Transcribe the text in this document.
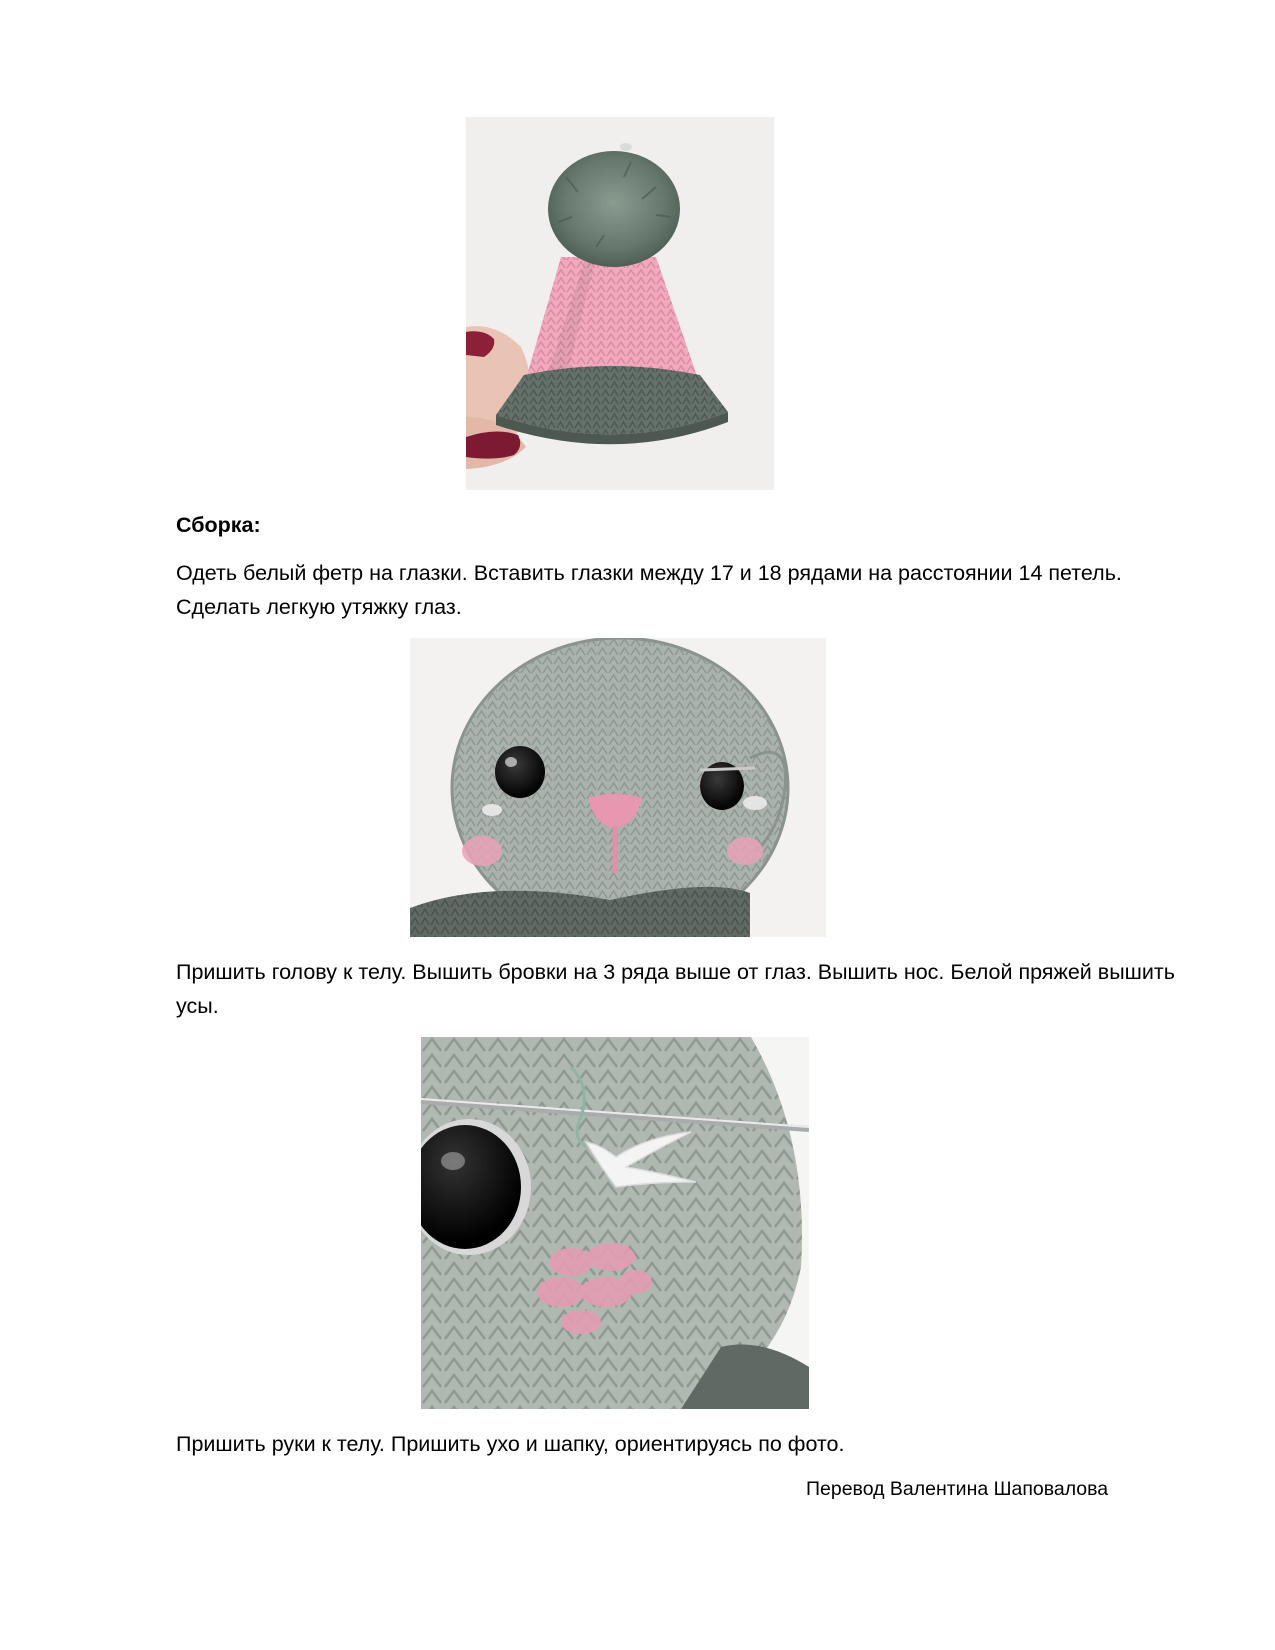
Сборка:
Одеть белый фетр на глазки. Вставить глазки между 17 и 18 рядами на расстоянии 14 петель. Сделать легкую утяжку глаз.
Пришить голову к телу. Вышить бровки на 3 ряда выше от глаз. Вышить нос. Белой пряжей вышить усы.
Пришить руки к телу. Пришить ухо и шапку, ориентируясь по фото.
Перевод Валентина Шаповалова
